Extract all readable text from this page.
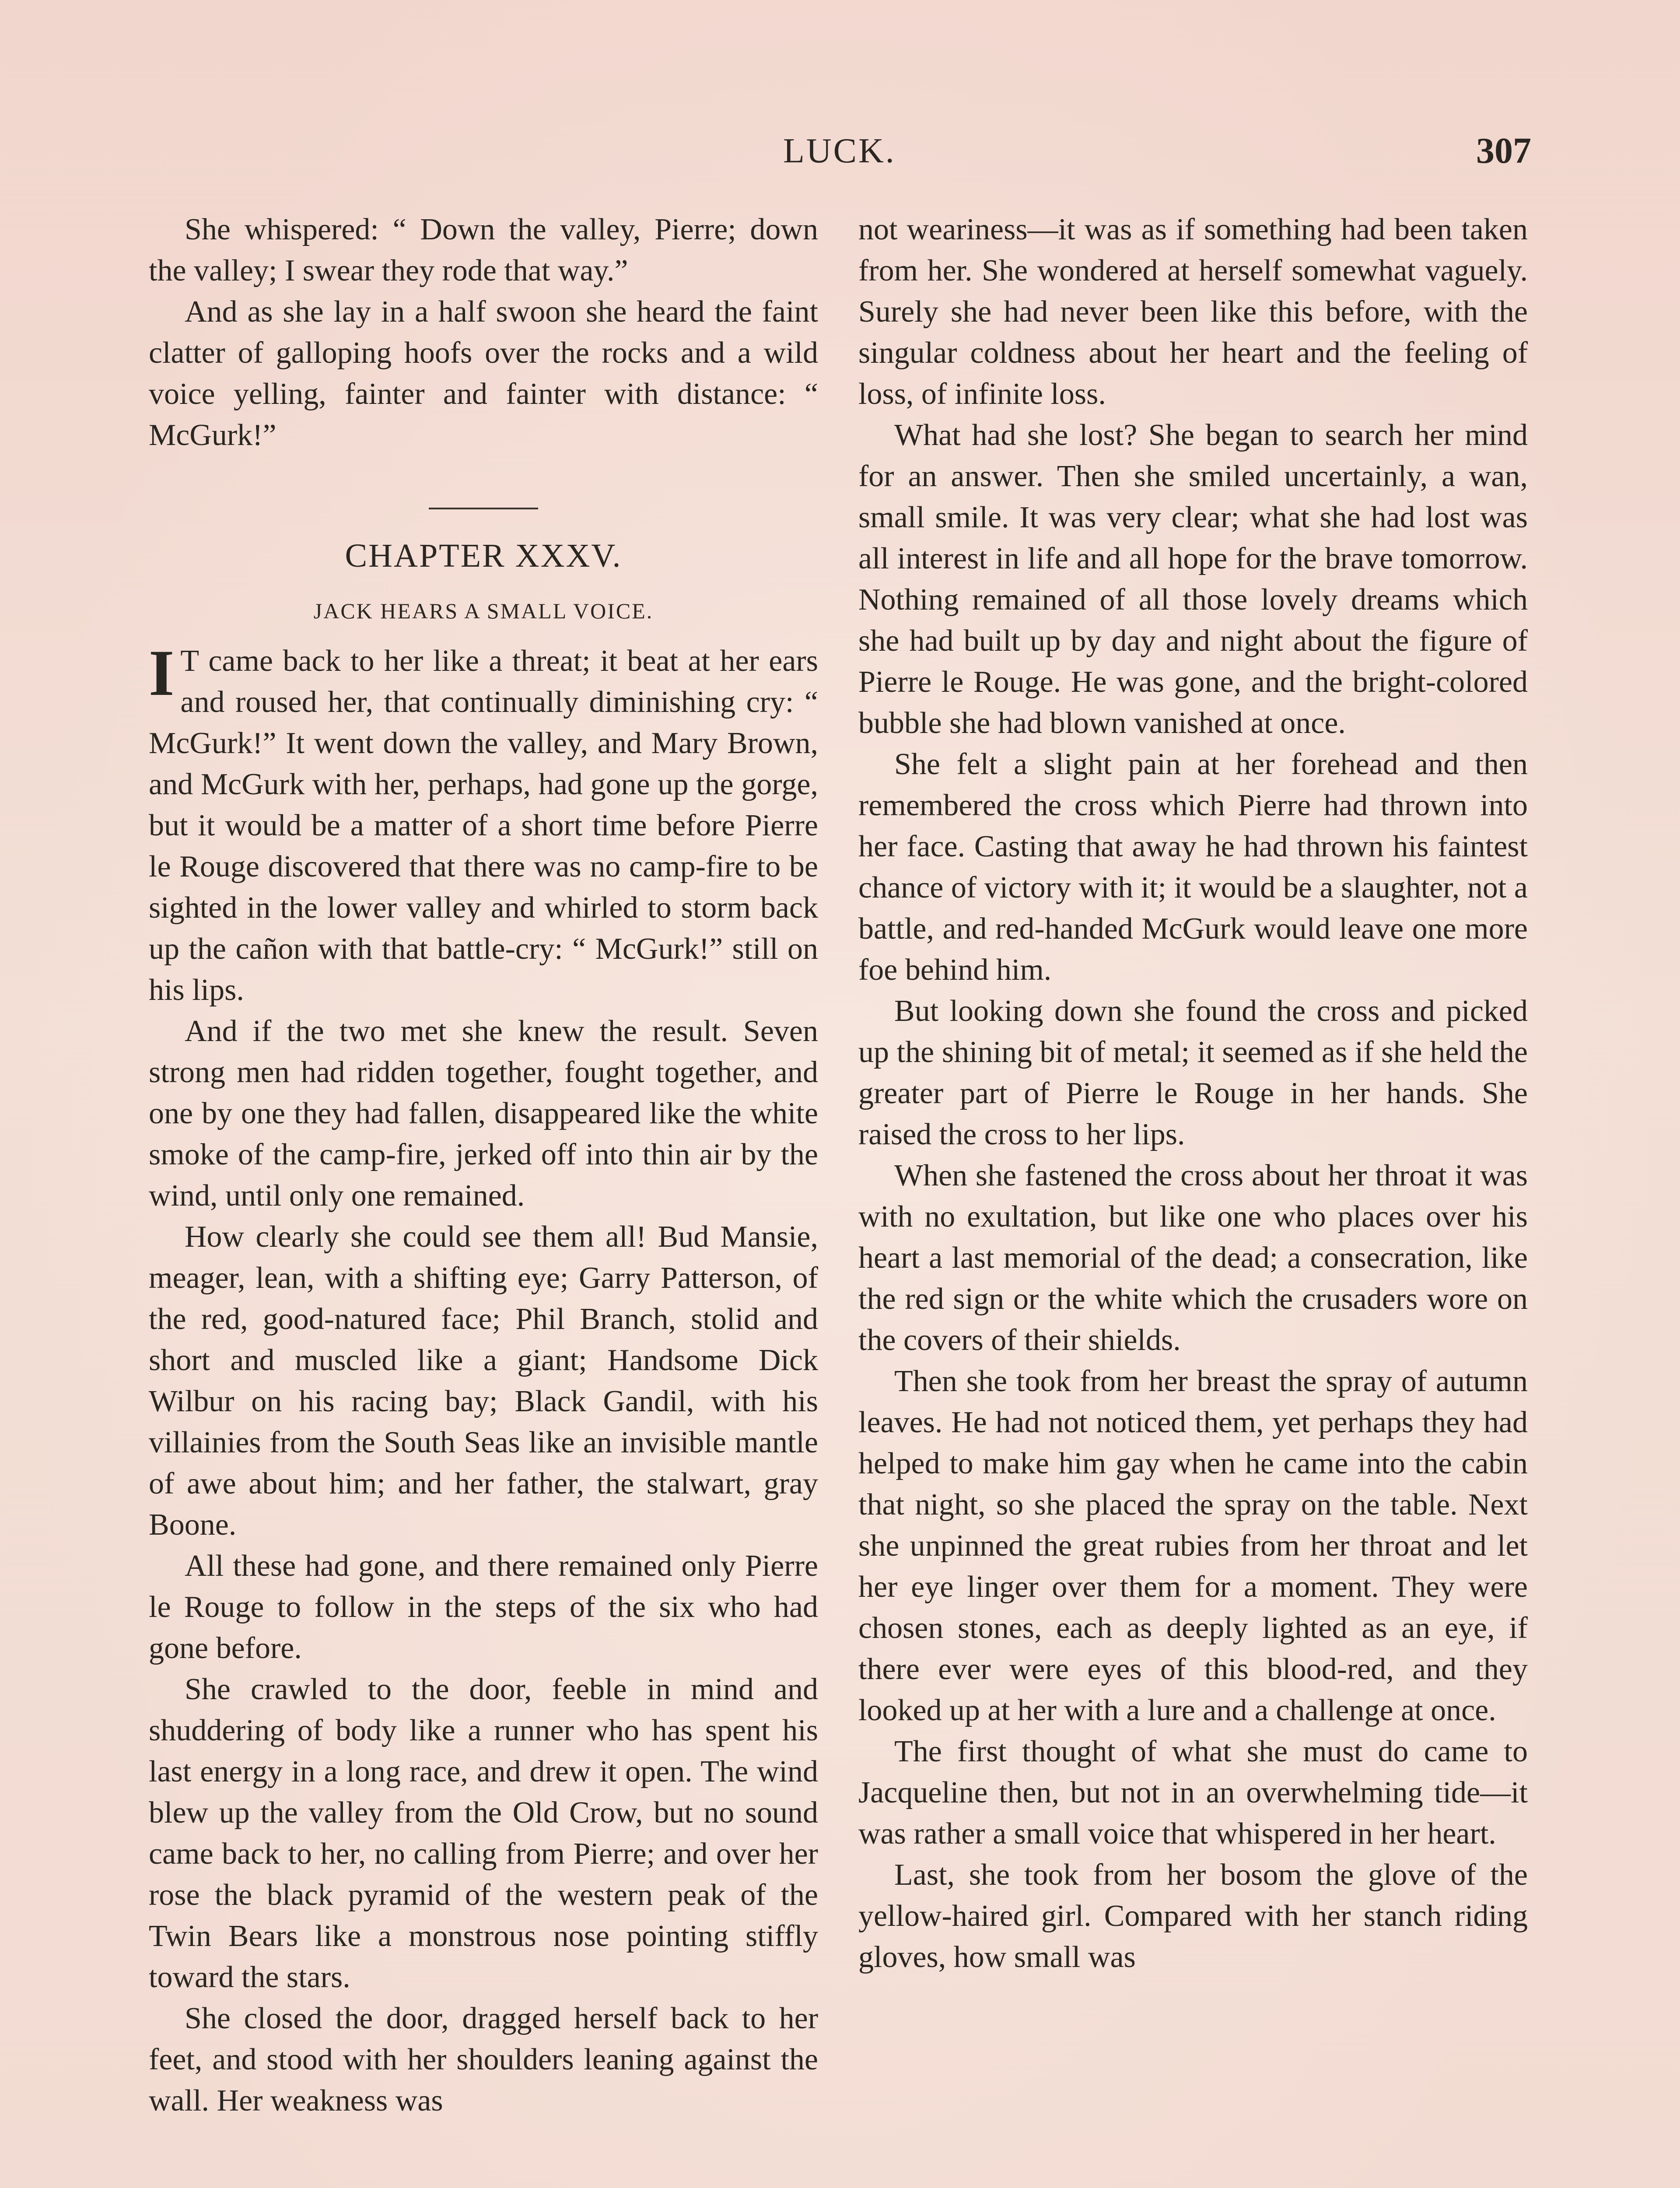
LUCK.	307

She whispered: “ Down the valley, Pierre; down the valley; I swear they rode that way.”

And as she lay in a half swoon she heard the faint clatter of galloping hoofs over the rocks and a wild voice yelling, fainter and fainter with distance: “ McGurk!”

CHAPTER XXXV.
JACK HEARS A SMALL VOICE.

I T came back to her like a threat; it beat at her ears and roused her, that continually diminishing cry: “ McGurk!” It went down the valley, and Mary Brown, and McGurk with her, perhaps, had gone up the gorge, but it would be a matter of a short time before Pierre le Rouge discovered that there was no camp-fire to be sighted in the lower valley and whirled to storm back up the cañon with that battle-cry: “ McGurk!” still on his lips.

And if the two met she knew the result. Seven strong men had ridden together, fought together, and one by one they had fallen, disappeared like the white smoke of the camp-fire, jerked off into thin air by the wind, until only one remained.

How clearly she could see them all! Bud Mansie, meager, lean, with a shifting eye; Garry Patterson, of the red, good-natured face; Phil Branch, stolid and short and muscled like a giant; Handsome Dick Wilbur on his racing bay; Black Gandil, with his villainies from the South Seas like an invisible mantle of awe about him; and her father, the stalwart, gray Boone.

All these had gone, and there remained only Pierre le Rouge to follow in the steps of the six who had gone before.

She crawled to the door, feeble in mind and shuddering of body like a runner who has spent his last energy in a long race, and drew it open. The wind blew up the valley from the Old Crow, but no sound came back to her, no calling from Pierre; and over her rose the black pyramid of the western peak of the Twin Bears like a monstrous nose pointing stiffly toward the stars.

She closed the door, dragged herself back to her feet, and stood with her shoulders leaning against the wall. Her weakness was

not weariness—it was as if something had been taken from her. She wondered at herself somewhat vaguely. Surely she had never been like this before, with the singular coldness about her heart and the feeling of loss, of infinite loss.

What had she lost? She began to search her mind for an answer. Then she smiled uncertainly, a wan, small smile. It was very clear; what she had lost was all interest in life and all hope for the brave tomorrow. Nothing remained of all those lovely dreams which she had built up by day and night about the figure of Pierre le Rouge. He was gone, and the bright-colored bubble she had blown vanished at once.

She felt a slight pain at her forehead and then remembered the cross which Pierre had thrown into her face. Casting that away he had thrown his faintest chance of victory with it; it would be a slaughter, not a battle, and red-handed McGurk would leave one more foe behind him.

But looking down she found the cross and picked up the shining bit of metal; it seemed as if she held the greater part of Pierre le Rouge in her hands. She raised the cross to her lips.

When she fastened the cross about her throat it was with no exultation, but like one who places over his heart a last memorial of the dead; a consecration, like the red sign or the white which the crusaders wore on the covers of their shields.

Then she took from her breast the spray of autumn leaves. He had not noticed them, yet perhaps they had helped to make him gay when he came into the cabin that night, so she placed the spray on the table. Next she unpinned the great rubies from her throat and let her eye linger over them for a moment. They were chosen stones, each as deeply lighted as an eye, if there ever were eyes of this blood-red, and they looked up at her with a lure and a challenge at once.

The first thought of what she must do came to Jacqueline then, but not in an overwhelming tide—it was rather a small voice that whispered in her heart.

Last, she took from her bosom the glove of the yellow-haired girl. Compared with her stanch riding gloves, how small was
